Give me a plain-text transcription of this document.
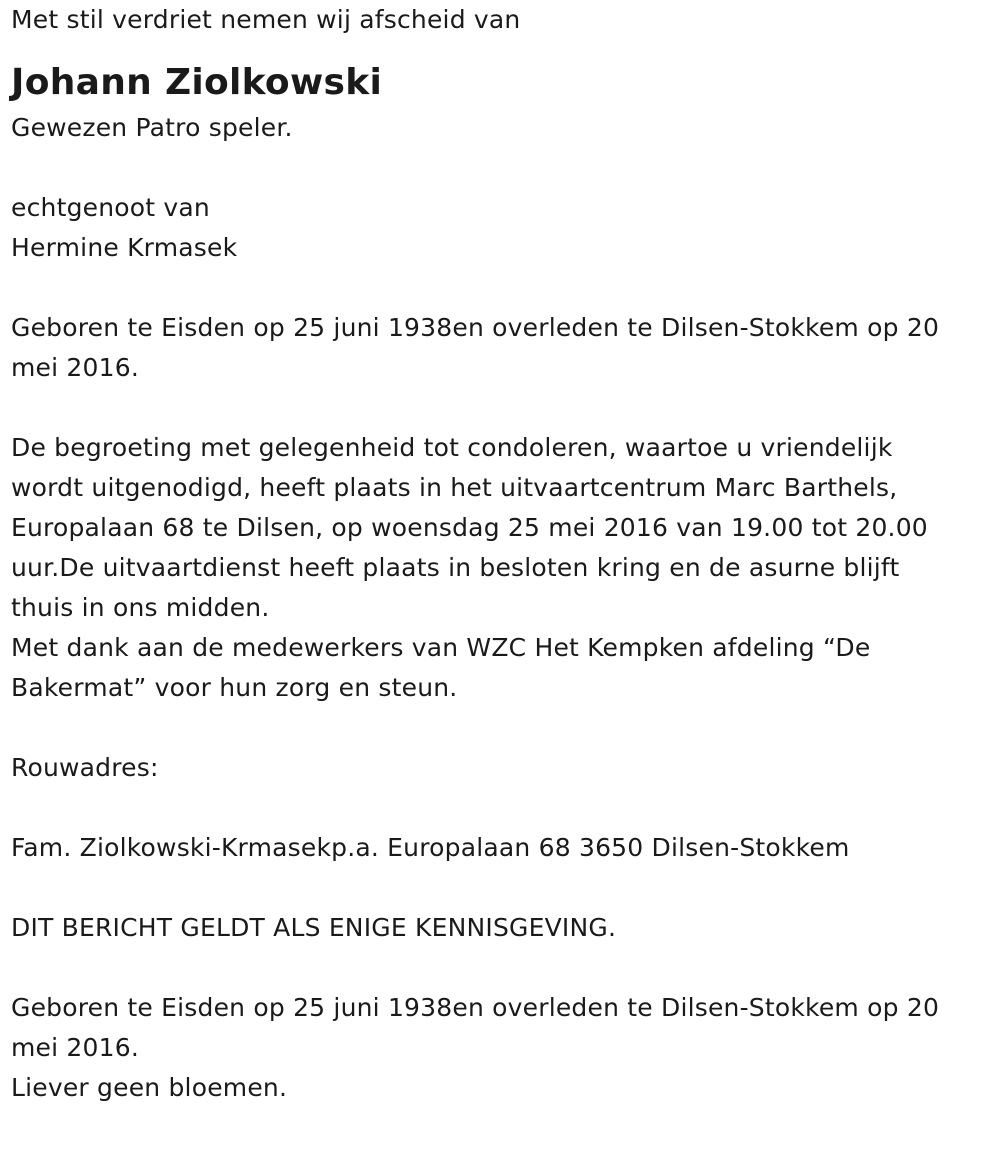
Met stil verdriet nemen wij afscheid van
Johann Ziolkowski
Gewezen Patro speler.
echtgenoot van
Hermine Krmasek
Geboren te Eisden op 25 juni 1938en overleden te Dilsen-Stokkem op 20
mei 2016.
De begroeting met gelegenheid tot condoleren, waartoe u vriendelijk
wordt uitgenodigd, heeft plaats in het uitvaartcentrum Marc Barthels,
Europalaan 68 te Dilsen, op woensdag 25 mei 2016 van 19.00 tot 20.00
uur.De uitvaartdienst heeft plaats in besloten kring en de asurne blijft
thuis in ons midden.
Met dank aan de medewerkers van WZC Het Kempken afdeling “De
Bakermat” voor hun zorg en steun.
Rouwadres:
Fam. Ziolkowski-Krmasekp.a. Europalaan 68 3650 Dilsen-Stokkem
DIT BERICHT GELDT ALS ENIGE KENNISGEVING.
Geboren te Eisden op 25 juni 1938en overleden te Dilsen-Stokkem op 20
mei 2016.
Liever geen bloemen.
